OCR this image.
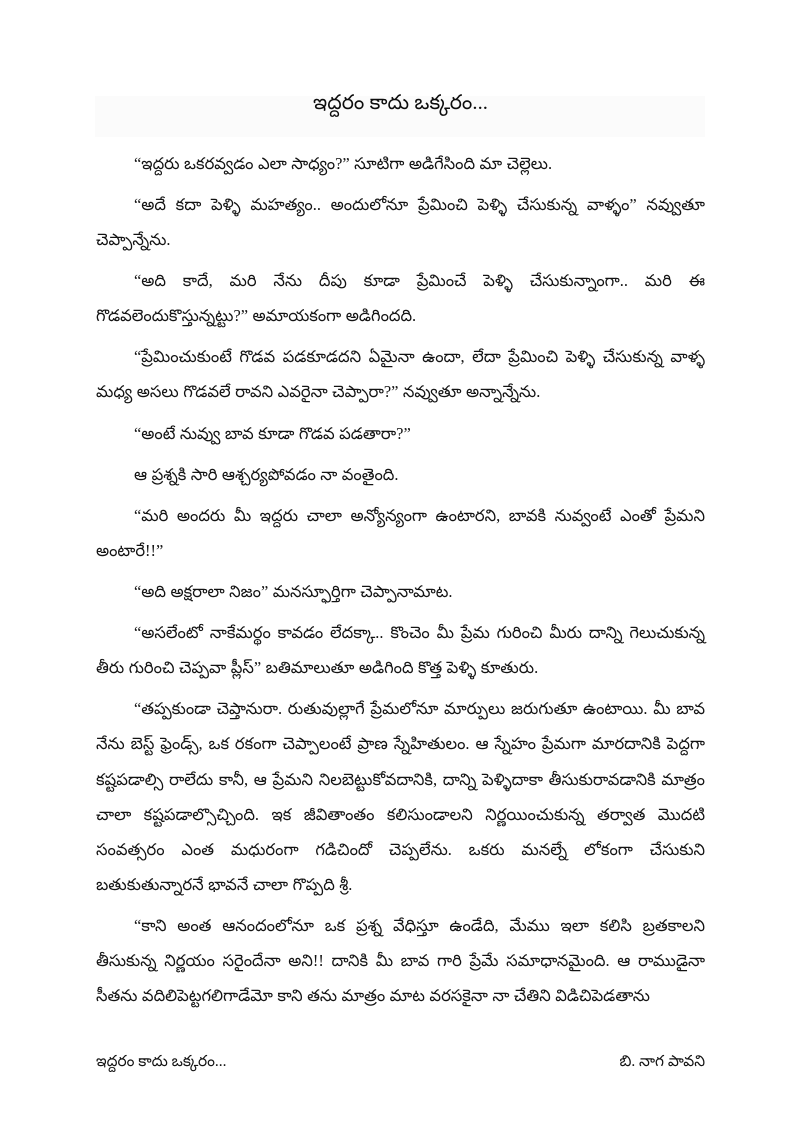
ఇద్దరం కాదు ఒక్కరం...

“ఇద్దరు ఒకరవ్వడం ఎలా సాధ్యం?” సూటిగా అడిగేసింది మా చెల్లెలు.

“అదే కదా పెళ్ళి మహత్యం.. అందులోనూ ప్రేమించి పెళ్ళి చేసుకున్న వాళ్ళం” నవ్వుతూ చెప్పాన్నేను.

“అది కాదే, మరి నేను దీపు కూడా ప్రేమించే పెళ్ళి చేసుకున్నాంగా.. మరి ఈ గొడవలెందుకొస్తున్నట్టు?” అమాయకంగా అడిగిందది.

“ప్రేమించుకుంటే గొడవ పడకూడదని ఏమైనా ఉందా, లేదా ప్రేమించి పెళ్ళి చేసుకున్న వాళ్ళ మధ్య అసలు గొడవలే రావని ఎవరైనా చెప్పారా?” నవ్వుతూ అన్నాన్నేను.

“అంటే నువ్వు బావ కూడా గొడవ పడతారా?”

ఆ ప్రశ్నకి సారి ఆశ్చర్యపోవడం నా వంతైంది.

“మరి అందరు మీ ఇద్దరు చాలా అన్యోన్యంగా ఉంటారని, బావకి నువ్వంటే ఎంతో ప్రేమని అంటారే!!”

“అది అక్షరాలా నిజం” మనస్ఫూర్తిగా చెప్పానామాట.

“అసలేంటో నాకేమర్థం కావడం లేదక్కా.. కొంచెం మీ ప్రేమ గురించి మీరు దాన్ని గెలుచుకున్న తీరు గురించి చెప్పవా ప్లీస్” బతిమాలుతూ అడిగింది కొత్త పెళ్ళి కూతురు.

“తప్పకుండా చెప్తానురా. రుతువుల్లాగే ప్రేమలోనూ మార్పులు జరుగుతూ ఉంటాయి. మీ బావ నేను బెస్ట్ ఫ్రెండ్స్, ఒక రకంగా చెప్పాలంటే ప్రాణ స్నేహితులం. ఆ స్నేహం ప్రేమగా మారదానికి పెద్దగా కష్టపడాల్సి రాలేదు కానీ, ఆ ప్రేమని నిలబెట్టుకోవదానికి, దాన్ని పెళ్ళిదాకా తీసుకురావడానికి మాత్రం చాలా కష్టపడాల్సొచ్చింది. ఇక జీవితాంతం కలిసుండాలని నిర్ణయించుకున్న తర్వాత మొదటి సంవత్సరం ఎంత మధురంగా గడిచిందో చెప్పలేను. ఒకరు మనల్నే లోకంగా చేసుకుని బతుకుతున్నారనే భావనే చాలా గొప్పది శ్రీ.

“కాని అంత ఆనందంలోనూ ఒక ప్రశ్న వేధిస్తూ ఉండేది, మేము ఇలా కలిసి బ్రతకాలని తీసుకున్న నిర్ణయం సరైందేనా అని!! దానికి మీ బావ గారి ప్రేమే సమాధానమైంది. ఆ రాముడైనా సీతను వదిలిపెట్టగలిగాడేమో కాని తను మాత్రం మాట వరసకైనా నా చేతిని విడిచిపెడతాను

ఇద్దరం కాదు ఒక్కరం...	బి. నాగ పావని
